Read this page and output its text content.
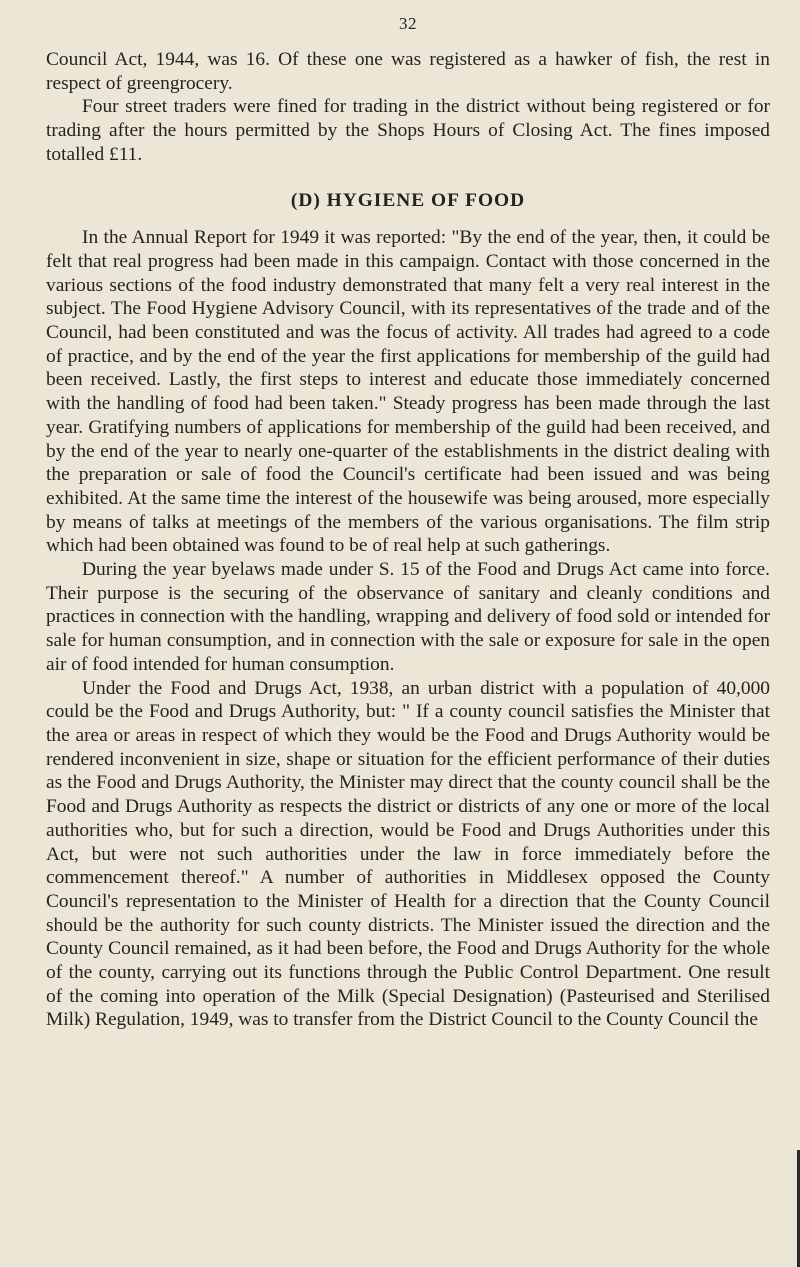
32

Council Act, 1944, was 16. Of these one was registered as a hawker of fish, the rest in respect of greengrocery.

Four street traders were fined for trading in the district without being registered or for trading after the hours permitted by the Shops Hours of Closing Act. The fines imposed totalled £11.

(D) HYGIENE OF FOOD

In the Annual Report for 1949 it was reported: "By the end of the year, then, it could be felt that real progress had been made in this campaign. Contact with those concerned in the various sections of the food industry demonstrated that many felt a very real interest in the subject. The Food Hygiene Advisory Council, with its representatives of the trade and of the Council, had been constituted and was the focus of activity. All trades had agreed to a code of practice, and by the end of the year the first applications for membership of the guild had been received. Lastly, the first steps to interest and educate those immediately concerned with the handling of food had been taken." Steady progress has been made through the last year. Gratifying numbers of applications for membership of the guild had been received, and by the end of the year to nearly one-quarter of the establishments in the district dealing with the preparation or sale of food the Council's certificate had been issued and was being exhibited. At the same time the interest of the housewife was being aroused, more especially by means of talks at meetings of the members of the various organisations. The film strip which had been obtained was found to be of real help at such gatherings.

During the year byelaws made under S. 15 of the Food and Drugs Act came into force. Their purpose is the securing of the observance of sanitary and cleanly conditions and practices in connection with the handling, wrapping and delivery of food sold or intended for sale for human consumption, and in connection with the sale or exposure for sale in the open air of food intended for human consumption.

Under the Food and Drugs Act, 1938, an urban district with a population of 40,000 could be the Food and Drugs Authority, but: " If a county council satisfies the Minister that the area or areas in respect of which they would be the Food and Drugs Authority would be rendered inconvenient in size, shape or situation for the efficient performance of their duties as the Food and Drugs Authority, the Minister may direct that the county council shall be the Food and Drugs Authority as respects the district or districts of any one or more of the local authorities who, but for such a direction, would be Food and Drugs Authorities under this Act, but were not such authorities under the law in force immediately before the commencement thereof." A number of authorities in Middlesex opposed the County Council's representation to the Minister of Health for a direction that the County Council should be the authority for such county districts. The Minister issued the direction and the County Council remained, as it had been before, the Food and Drugs Authority for the whole of the county, carrying out its functions through the Public Control Department. One result of the coming into operation of the Milk (Special Designation) (Pasteurised and Sterilised Milk) Regulation, 1949, was to transfer from the District Council to the County Council the
